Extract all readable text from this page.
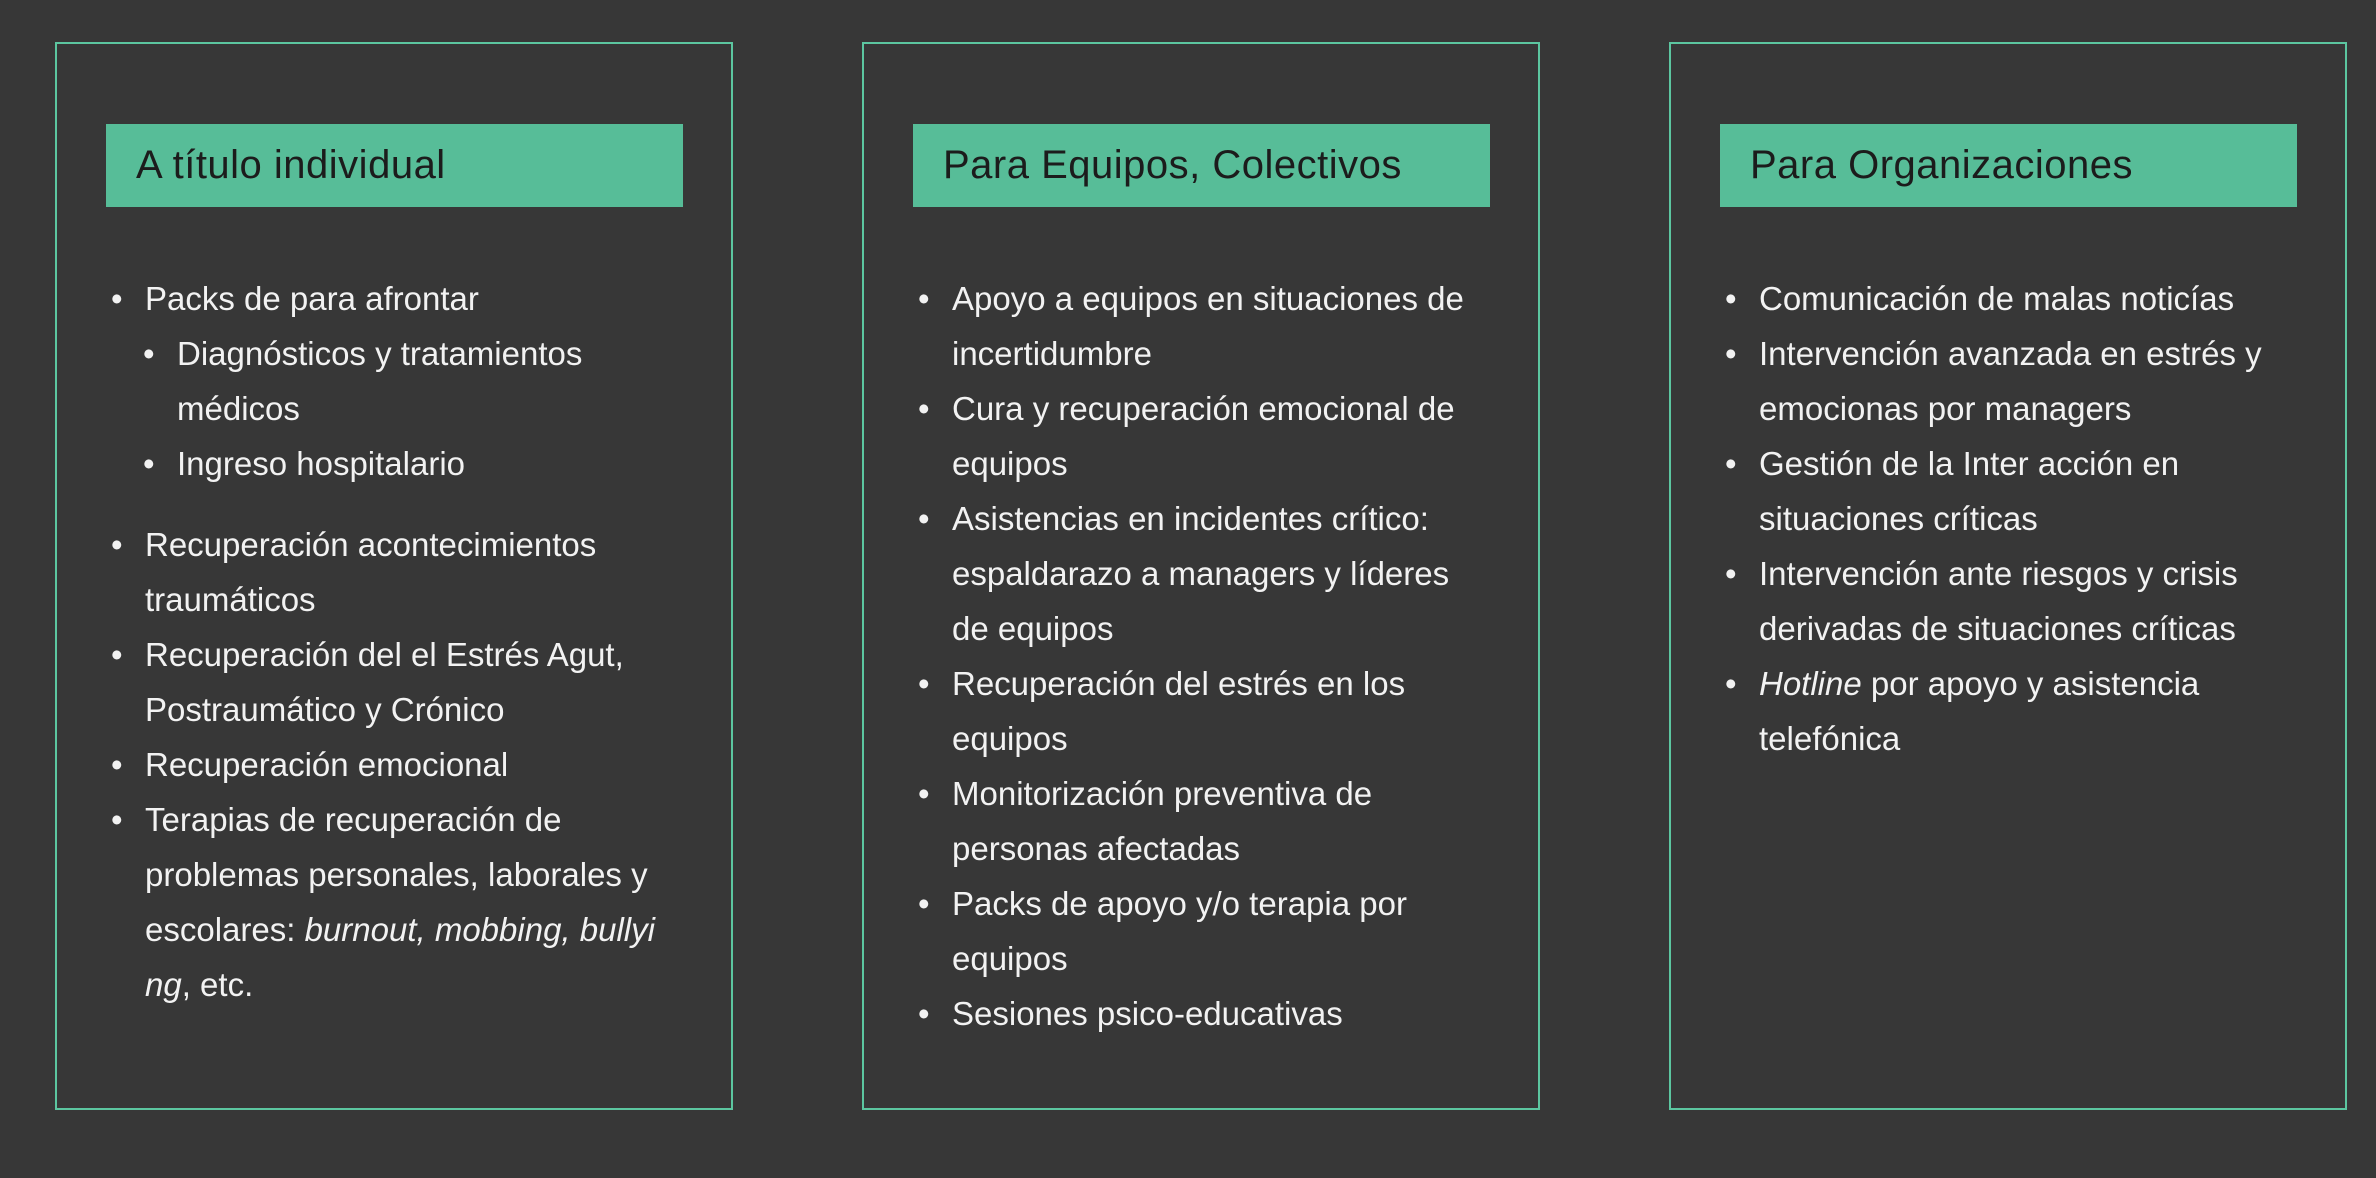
A título individual
• Packs de para afrontar
• Diagnósticos y tratamientos médicos
• Ingreso hospitalario
• Recuperación acontecimientos traumáticos
• Recuperación del el Estrés Agut, Postraumático y Crónico
• Recuperación emocional
• Terapias de recuperación de problemas personales, laborales y escolares: burnout, mobbing, bullyi
ng, etc.
Para Equipos, Colectivos
• Apoyo a equipos en situaciones de incertidumbre
• Cura y recuperación emocional de equipos
• Asistencias en incidentes crítico: espaldarazo a managers y líderes de equipos
• Recuperación del estrés en los equipos
• Monitorización preventiva de personas afectadas
• Packs de apoyo y/o terapia por equipos
• Sesiones psico-educativas
Para Organizaciones
• Comunicación de malas noticías
• Intervención avanzada en estrés y emocionas por managers
• Gestión de la Inter acción en situaciones críticas
• Intervención ante riesgos y crisis derivadas de situaciones críticas
• Hotline por apoyo y asistencia telefónica
